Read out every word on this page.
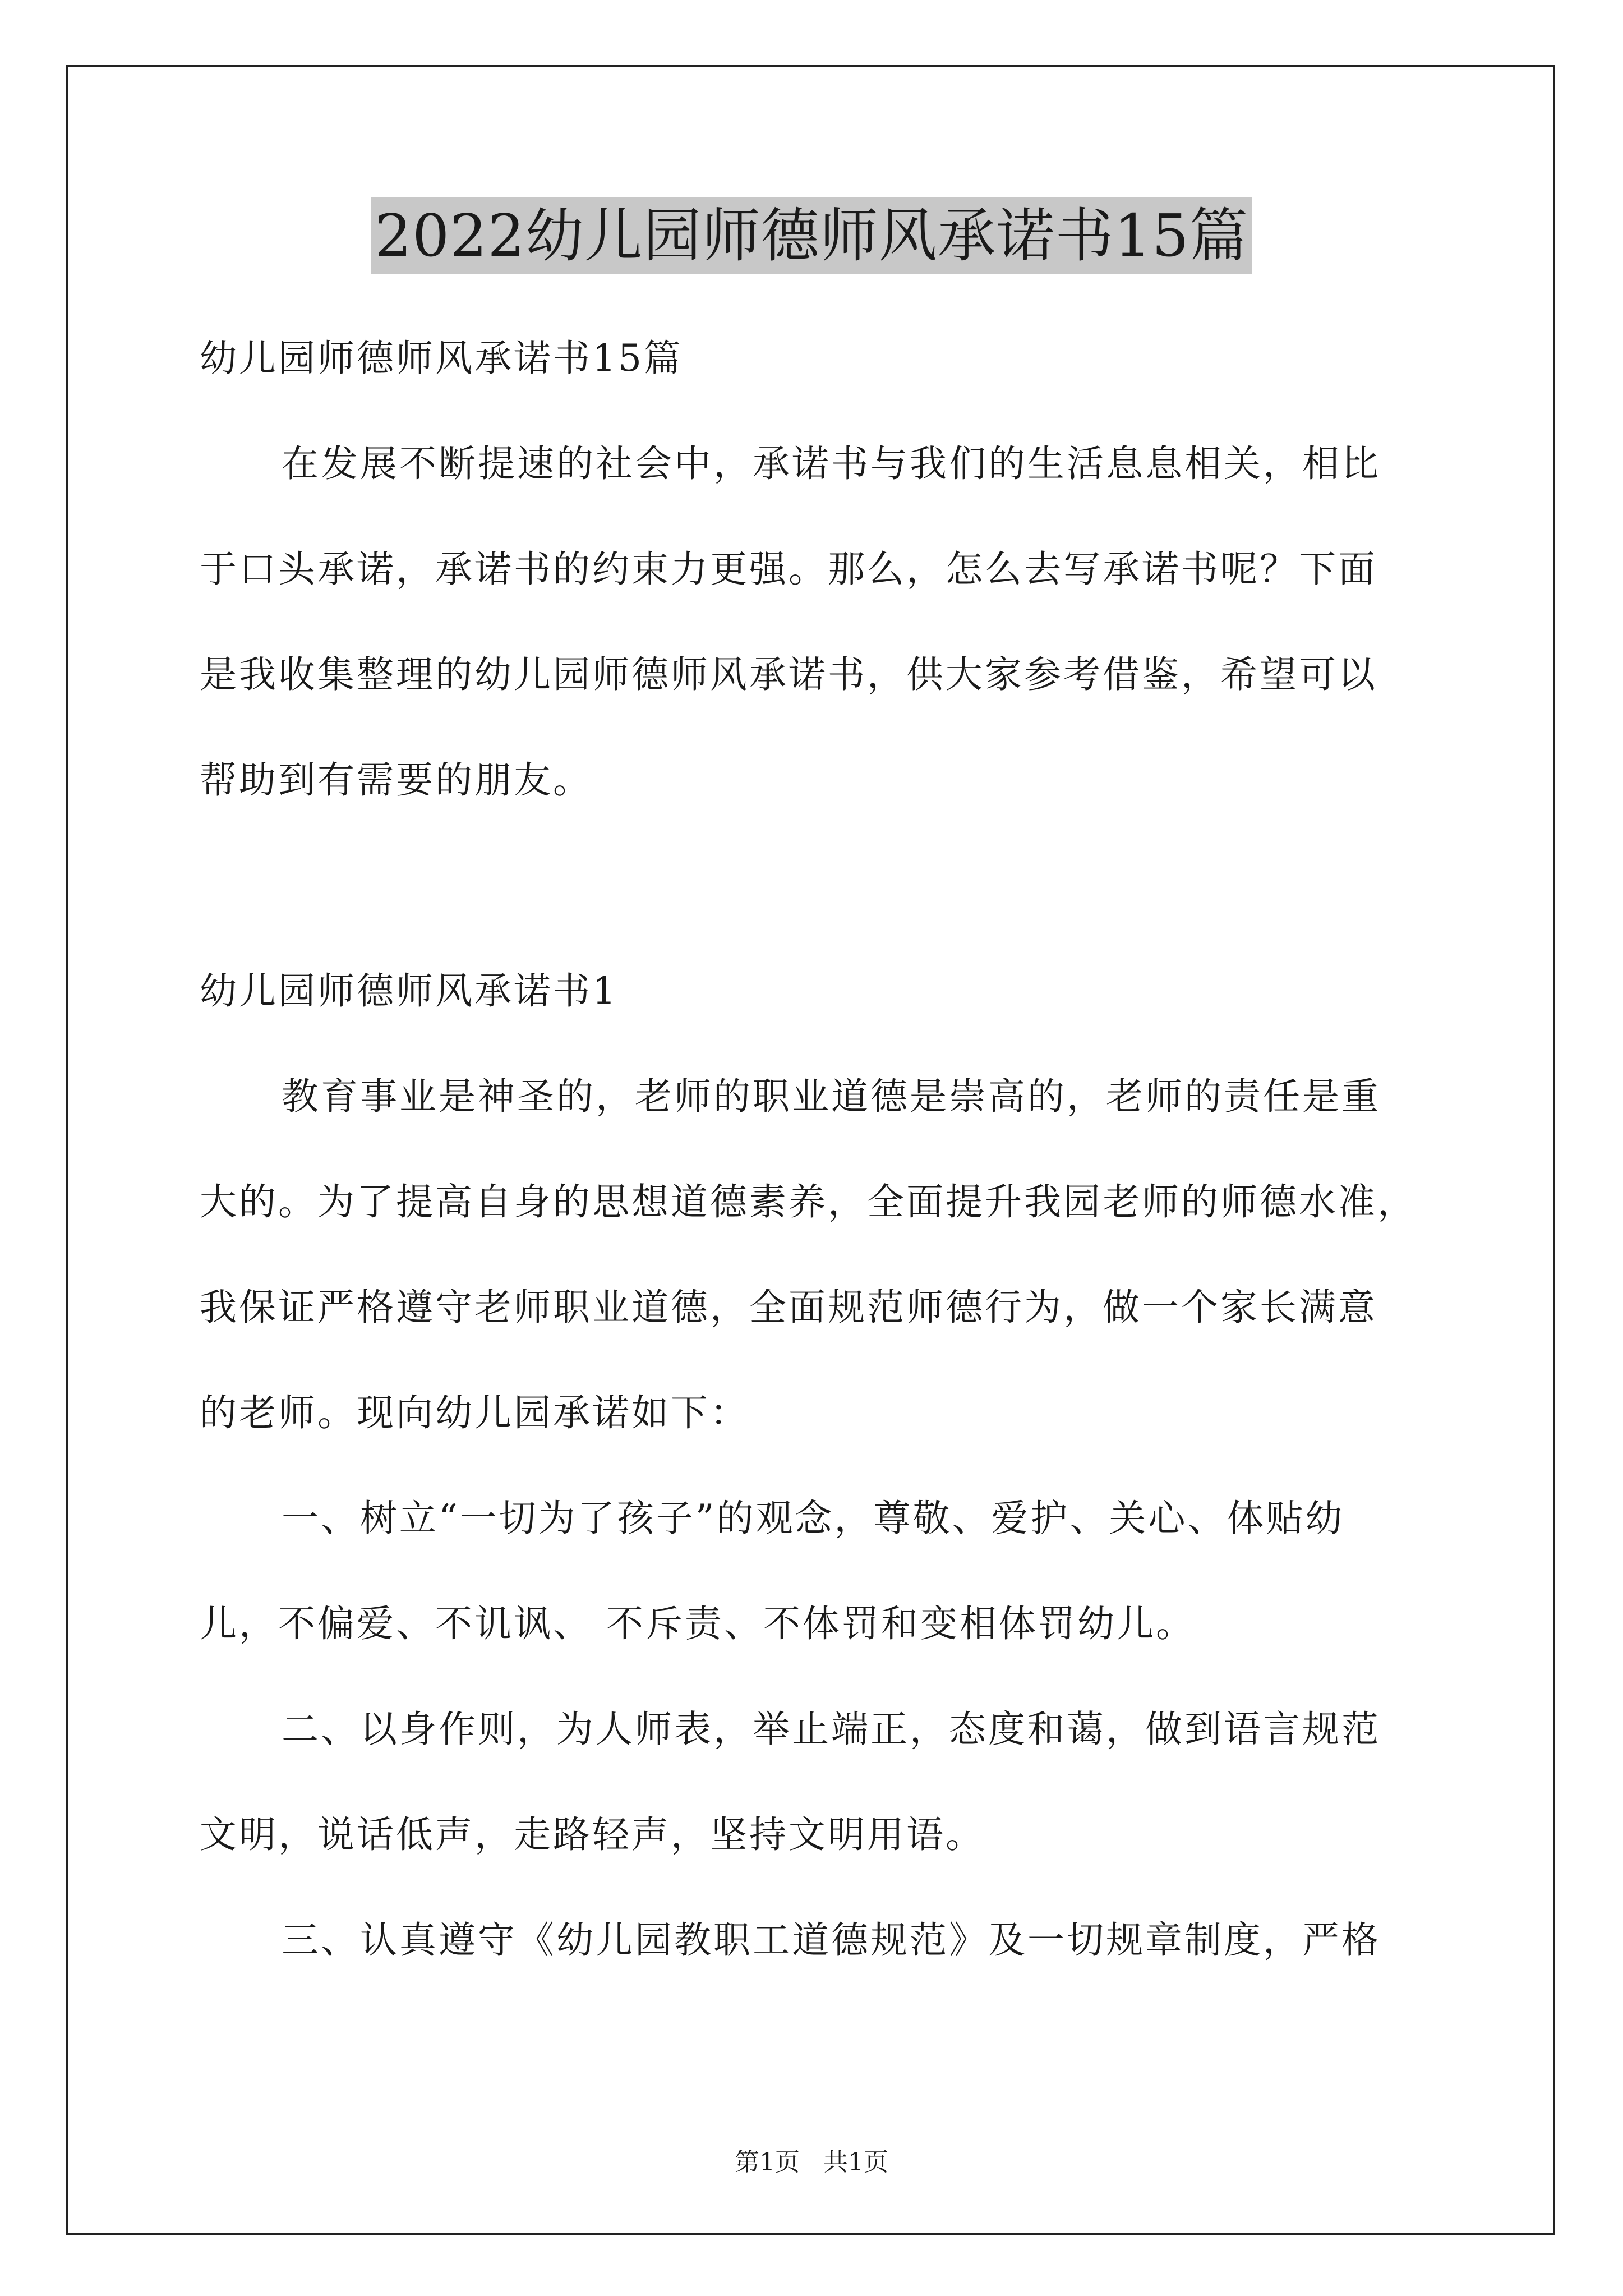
2022幼儿园师德师风承诺书15篇

幼儿园师德师风承诺书15篇

在发展不断提速的社会中，承诺书与我们的生活息息相关，相比

于口头承诺，承诺书的约束力更强。那么，怎么去写承诺书呢？下面

是我收集整理的幼儿园师德师风承诺书，供大家参考借鉴，希望可以

帮助到有需要的朋友。

幼儿园师德师风承诺书1

教育事业是神圣的，老师的职业道德是崇高的，老师的责任是重

大的。为了提高自身的思想道德素养，全面提升我园老师的师德水准，

我保证严格遵守老师职业道德，全面规范师德行为，做一个家长满意

的老师。现向幼儿园承诺如下：

一、树立“一切为了孩子”的观念，尊敬、爱护、关心、体贴幼

儿，不偏爱、不讥讽、 不斥责、不体罚和变相体罚幼儿。

二、以身作则，为人师表，举止端正，态度和蔼，做到语言规范

文明，说话低声，走路轻声，坚持文明用语。

三、认真遵守《幼儿园教职工道德规范》及一切规章制度，严格

第1页   共1页
